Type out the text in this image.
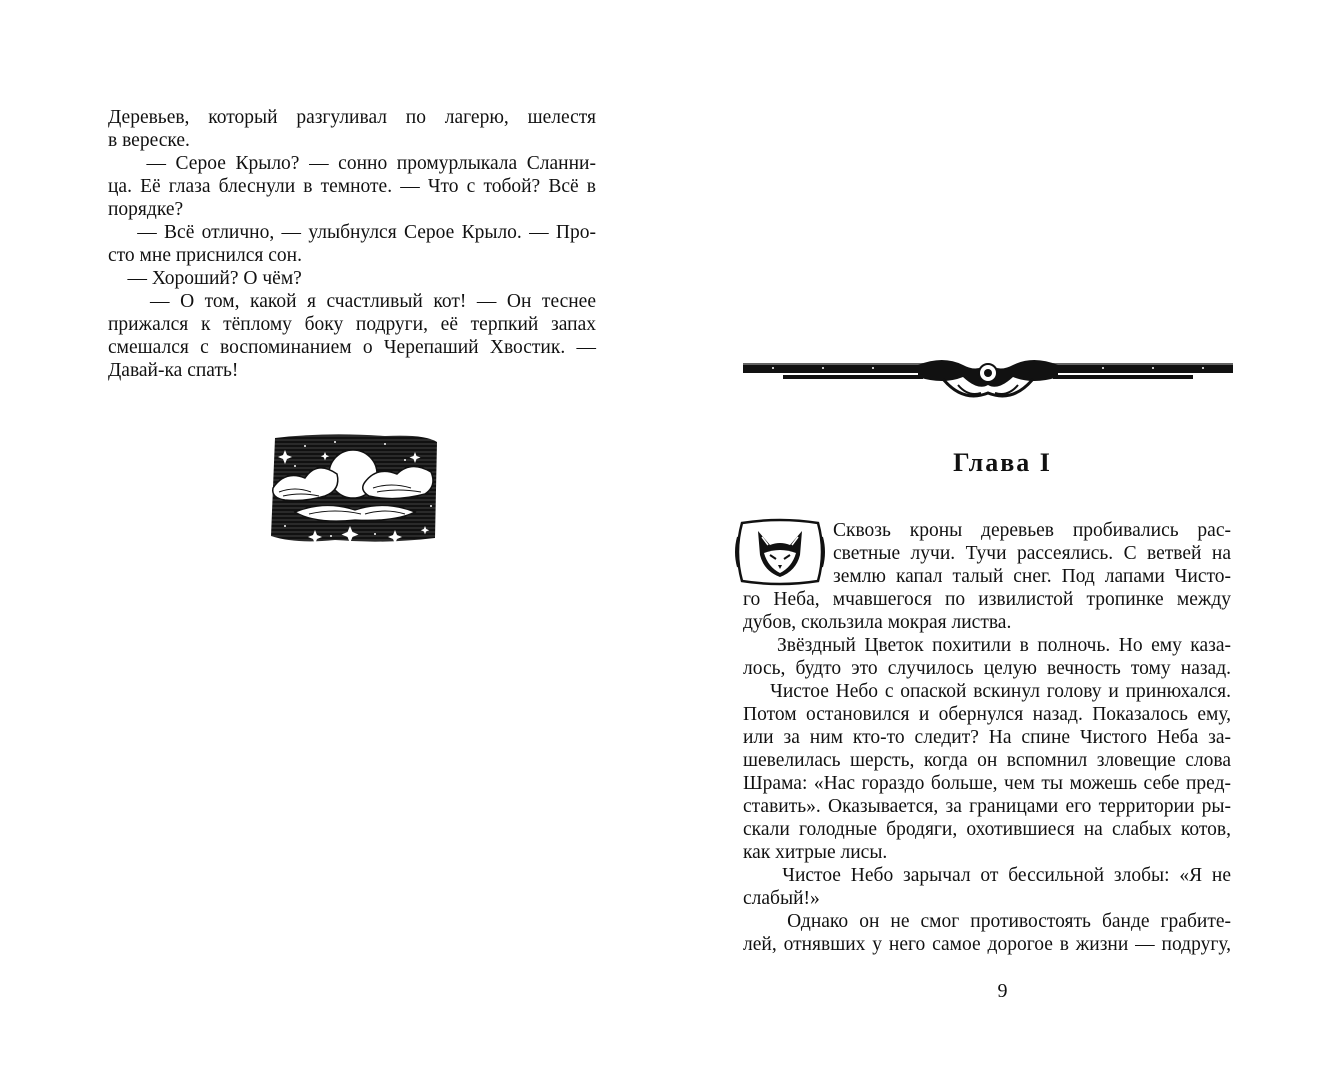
Деревьев, который разгуливал по лагерю, шелестя
в вереске.
— Серое Крыло? — сонно промурлыкала Сланни-
ца. Её глаза блеснули в темноте. — Что с тобой? Всё в
порядке?
— Всё отлично, — улыбнулся Серое Крыло. — Про-
сто мне приснился сон.
— Хороший? О чём?
— О том, какой я счастливый кот! — Он теснее
прижался к тёплому боку подруги, её терпкий запах
смешался с воспоминанием о Черепаший Хвостик. —
Давай-ка спать!
Глава I
Сквозь кроны деревьев пробивались рас-
светные лучи. Тучи рассеялись. С ветвей на
землю капал талый снег. Под лапами Чисто-
го Неба, мчавшегося по извилистой тропинке между
дубов, скользила мокрая листва.
Звёздный Цветок похитили в полночь. Но ему каза-
лось, будто это случилось целую вечность тому назад.
Чистое Небо с опаской вскинул голову и принюхался.
Потом остановился и обернулся назад. Показалось ему,
или за ним кто-то следит? На спине Чистого Неба за-
шевелилась шерсть, когда он вспомнил зловещие слова
Шрама: «Нас гораздо больше, чем ты можешь себе пред-
ставить». Оказывается, за границами его территории ры-
скали голодные бродяги, охотившиеся на слабых котов,
как хитрые лисы.
Чистое Небо зарычал от бессильной злобы: «Я не
слабый!»
Однако он не смог противостоять банде грабите-
лей, отнявших у него самое дорогое в жизни — подругу,
9
